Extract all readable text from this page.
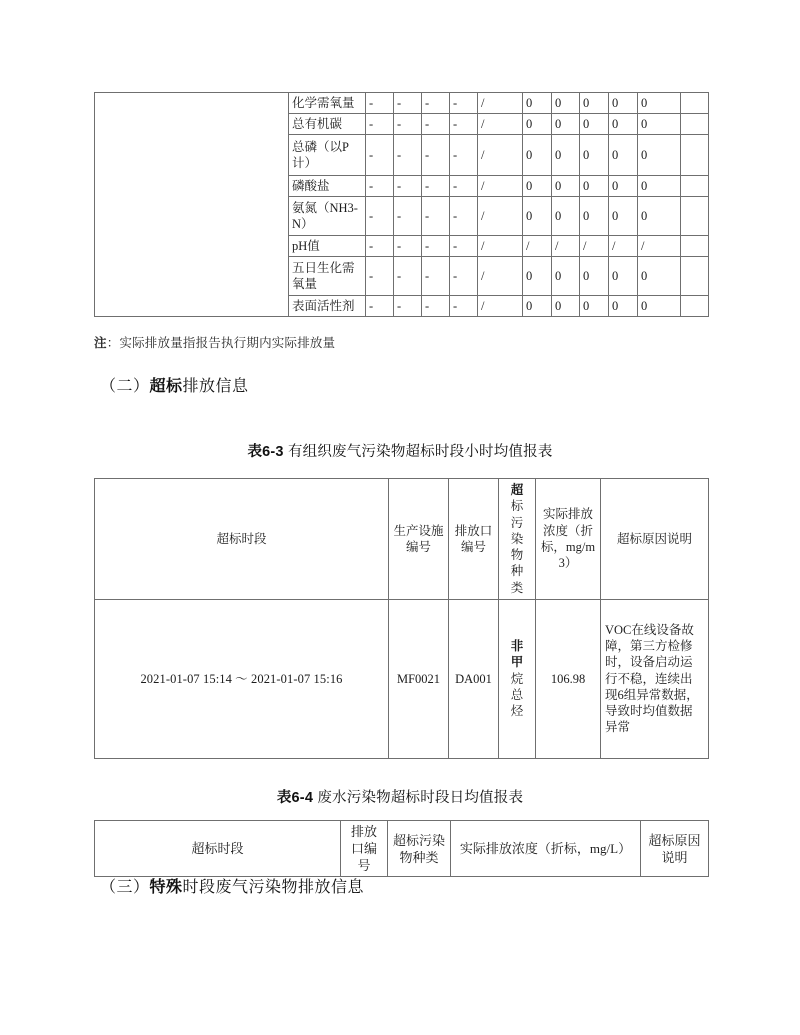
	化学需氧量	-	-	-	-	/	0	0	0	0	0	
	总有机碳	-	-	-	-	/	0	0	0	0	0	
	总磷（以P计）	-	-	-	-	/	0	0	0	0	0	
	磷酸盐	-	-	-	-	/	0	0	0	0	0	
	氨氮（NH3-N）	-	-	-	-	/	0	0	0	0	0	
	pH值	-	-	-	-	/	/	/	/	/	/	
	五日生化需氧量	-	-	-	-	/	0	0	0	0	0	
	表面活性剂	-	-	-	-	/	0	0	0	0	0	
注：实际排放量指报告执行期内实际排放量
（二）超标排放信息
表6-3 有组织废气污染物超标时段小时均值报表
超标时段	生产设施编号	排放口编号	
超
标
污
染
物
种
类
	实际排放浓度（折标，mg/m3）	超标原因说明
2021-01-07 15:14 ～ 2021-01-07 15:16	MF0021	DA001	非
甲
烷
总
烃	106.98	VOC在线设备故障，第三方检修时，设备启动运行不稳，连续出现6组异常数据，导致时均值数据异常
表6-4 废水污染物超标时段日均值报表
超标时段	排放口编号	超标污染物种类	实际排放浓度（折标，mg/L）	超标原因说明
（三）特殊时段废气污染物排放信息
